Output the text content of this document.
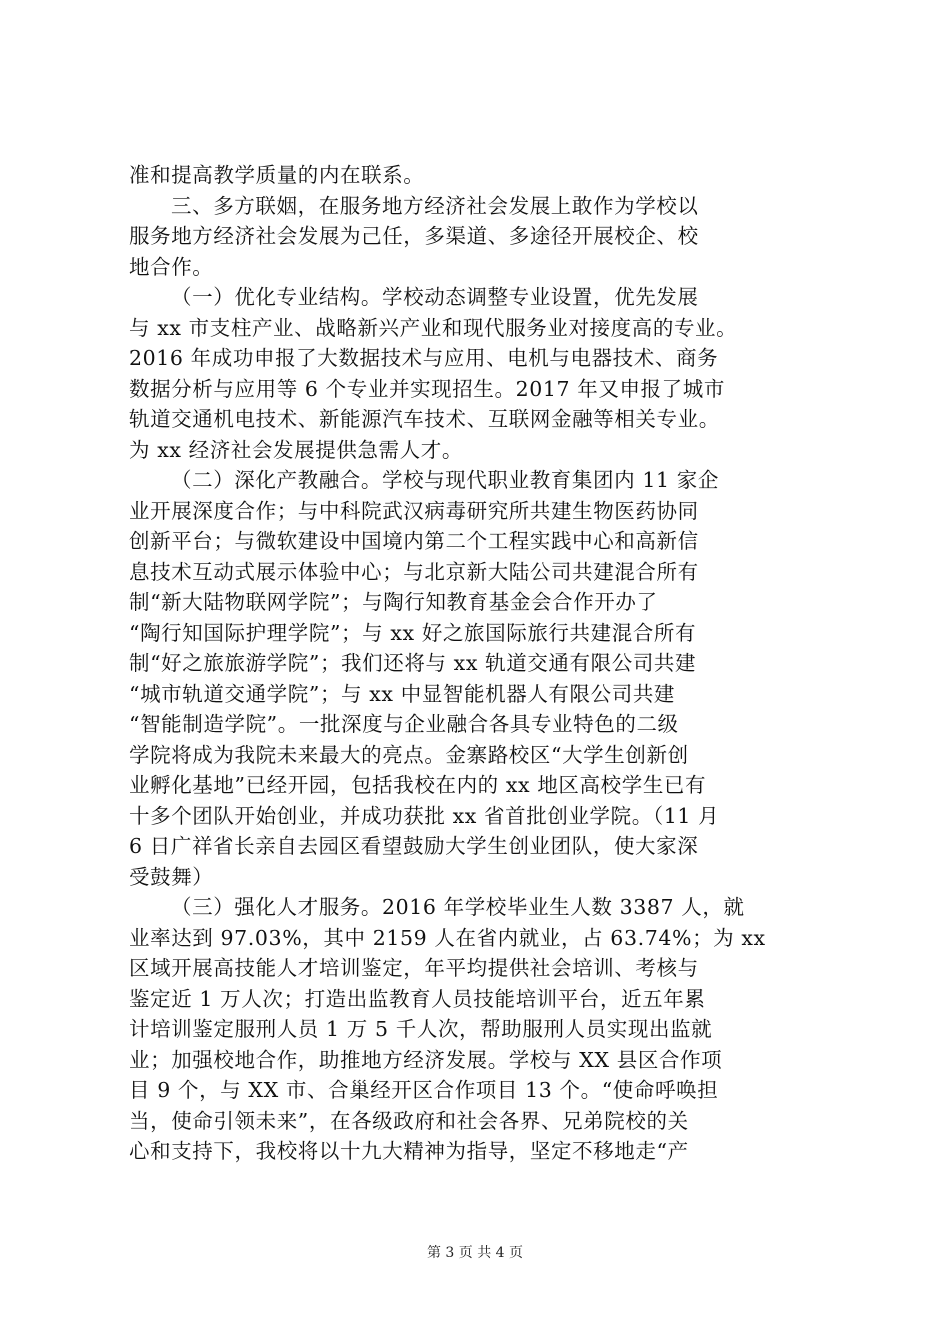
准和提高教学质量的内在联系。
三、多方联姻，在服务地方经济社会发展上敢作为学校以
服务地方经济社会发展为己任，多渠道、多途径开展校企、校
地合作。
（一）优化专业结构。学校动态调整专业设置，优先发展
与 xx 市支柱产业、战略新兴产业和现代服务业对接度高的专业。
2016 年成功申报了大数据技术与应用、电机与电器技术、商务
数据分析与应用等 6 个专业并实现招生。2017 年又申报了城市
轨道交通机电技术、新能源汽车技术、互联网金融等相关专业。
为 xx 经济社会发展提供急需人才。
（二）深化产教融合。学校与现代职业教育集团内 11 家企
业开展深度合作；与中科院武汉病毒研究所共建生物医药协同
创新平台；与微软建设中国境内第二个工程实践中心和高新信
息技术互动式展示体验中心；与北京新大陆公司共建混合所有
制“新大陆物联网学院”；与陶行知教育基金会合作开办了
“陶行知国际护理学院”；与 xx 好之旅国际旅行共建混合所有
制“好之旅旅游学院”；我们还将与 xx 轨道交通有限公司共建
“城市轨道交通学院”；与 xx 中显智能机器人有限公司共建
“智能制造学院”。一批深度与企业融合各具专业特色的二级
学院将成为我院未来最大的亮点。金寨路校区“大学生创新创
业孵化基地”已经开园，包括我校在内的 xx 地区高校学生已有
十多个团队开始创业，并成功获批 xx 省首批创业学院。（11 月
6 日广祥省长亲自去园区看望鼓励大学生创业团队，使大家深
受鼓舞）
（三）强化人才服务。2016 年学校毕业生人数 3387 人，就
业率达到 97.03%，其中 2159 人在省内就业，占 63.74%；为 xx
区域开展高技能人才培训鉴定，年平均提供社会培训、考核与
鉴定近 1 万人次；打造出监教育人员技能培训平台，近五年累
计培训鉴定服刑人员 1 万 5 千人次，帮助服刑人员实现出监就
业；加强校地合作，助推地方经济发展。学校与 XX 县区合作项
目 9 个，与 XX 市、合巢经开区合作项目 13 个。“使命呼唤担
当，使命引领未来”，在各级政府和社会各界、兄弟院校的关
心和支持下，我校将以十九大精神为指导，坚定不移地走“产
第 3 页 共 4 页
